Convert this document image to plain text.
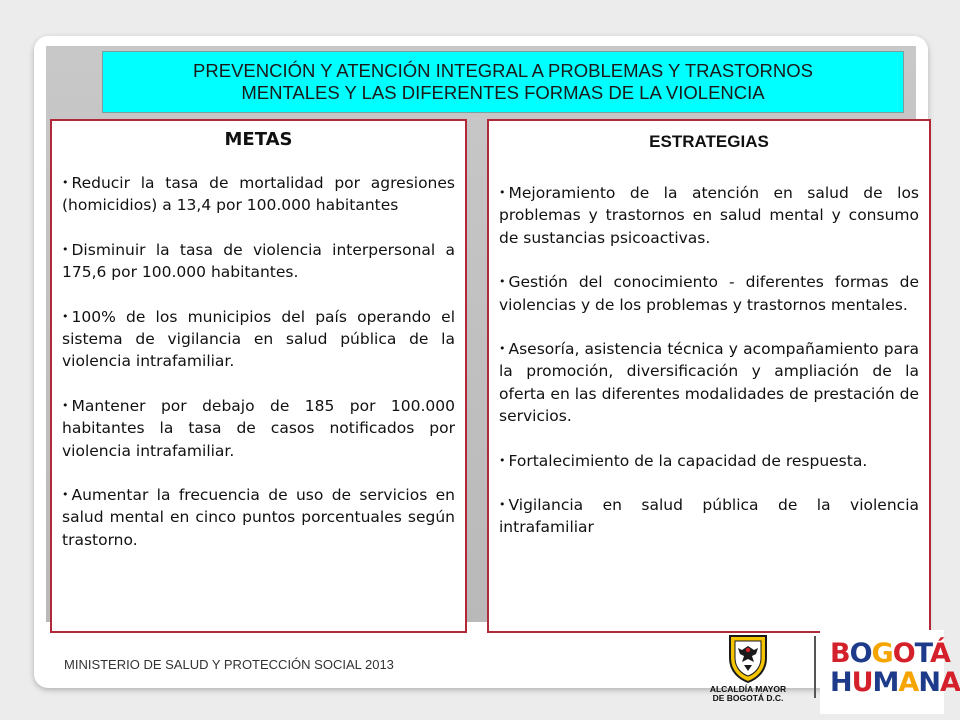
PREVENCIÓN Y ATENCIÓN INTEGRAL A PROBLEMAS Y TRASTORNOS
MENTALES Y LAS DIFERENTES FORMAS DE LA VIOLENCIA
METAS
• Reducir la tasa de mortalidad por agresiones (homicidios) a 13,4 por 100.000 habitantes
• Disminuir la tasa de violencia interpersonal a 175,6 por 100.000 habitantes.
• 100% de los municipios del país operando el sistema de vigilancia en salud pública de la violencia intrafamiliar.
• Mantener por debajo de 185 por 100.000 habitantes la tasa de casos notificados por violencia intrafamiliar.
• Aumentar la frecuencia de uso de servicios en salud mental en cinco puntos porcentuales según trastorno.
ESTRATEGIAS
• Mejoramiento de la atención en salud de los problemas y trastornos en salud mental y consumo de sustancias psicoactivas.
• Gestión del conocimiento - diferentes formas de violencias y de los problemas y trastornos mentales.
• Asesoría, asistencia técnica y acompañamiento para la promoción, diversificación y ampliación de la oferta en las diferentes modalidades de prestación de servicios.
• Fortalecimiento de la capacidad de respuesta.
• Vigilancia en salud pública de la violencia intrafamiliar
MINISTERIO DE SALUD Y PROTECCIÓN SOCIAL 2013
ALCALDÍA MAYOR
DE BOGOTÁ D.C.
BOGOTÁ
HUMANA
